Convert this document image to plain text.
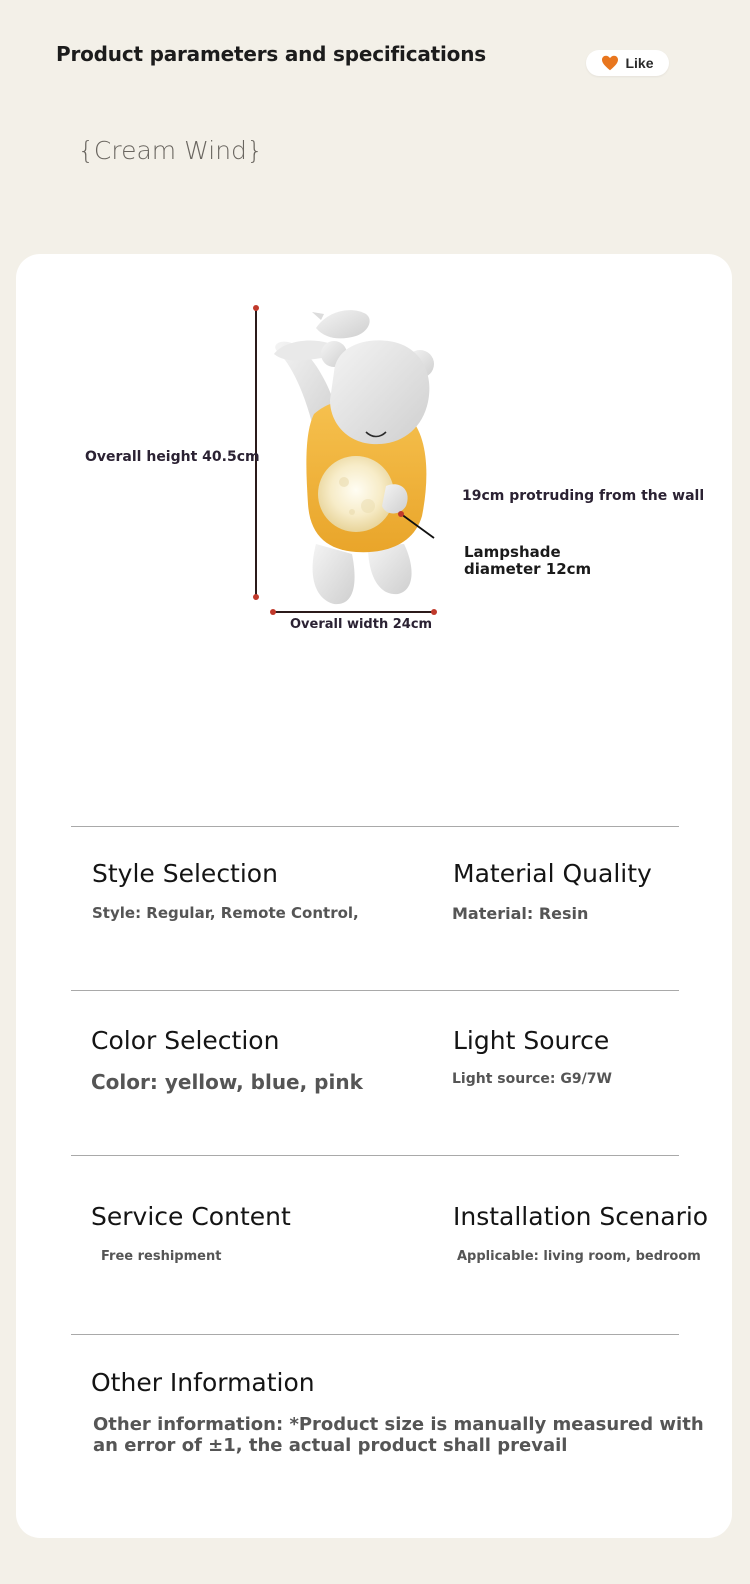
Product parameters and specifications	Like
{Cream Wind}
Overall height 40.5cm
19cm protruding from the wall
Lampshade
diameter 12cm
Overall width 24cm
Style Selection
Style: Regular, Remote Control,
Material Quality
Material: Resin
Color Selection
Color: yellow, blue, pink
Light Source
Light source: G9/7W
Service Content
Free reshipment
Installation Scenario
Applicable: living room, bedroom
Other Information
Other information: *Product size is manually measured with
an error of ±1, the actual product shall prevail
